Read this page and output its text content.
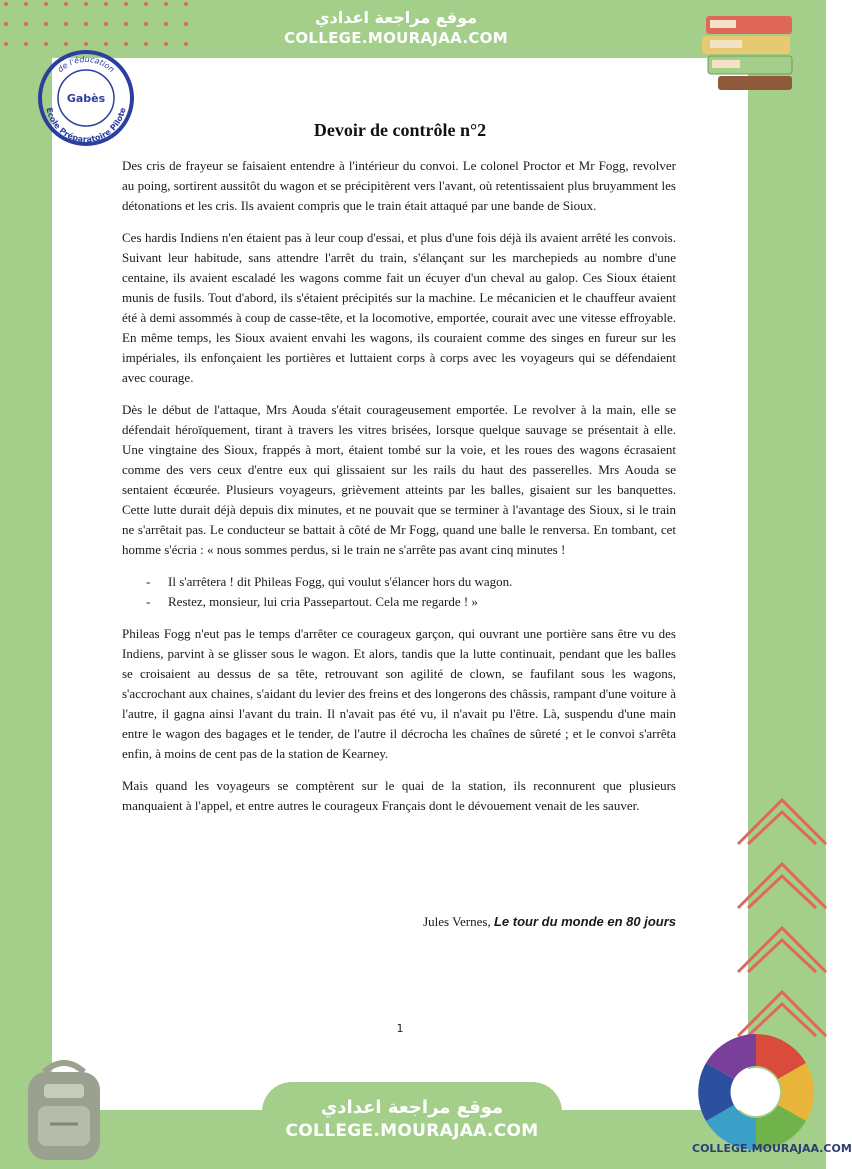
موقع مراجعة اعدادي
COLLEGE.MOURAJAA.COM
de l'éducation
Gabès
Ecole Préparatoire Pilote
Devoir de contrôle n°2

Des cris de frayeur se faisaient entendre à l'intérieur du convoi. Le colonel Proctor et Mr Fogg, revolver au poing, sortirent aussitôt du wagon et se précipitèrent vers l'avant, où retentissaient plus bruyamment les détonations et les cris. Ils avaient compris que le train était attaqué par une bande de Sioux.

Ces hardis Indiens n'en étaient pas à leur coup d'essai, et plus d'une fois déjà ils avaient arrêté les convois. Suivant leur habitude, sans attendre l'arrêt du train, s'élançant sur les marchepieds au nombre d'une centaine, ils avaient escaladé les wagons comme fait un écuyer d'un cheval au galop. Ces Sioux étaient munis de fusils. Tout d'abord, ils s'étaient précipités sur la machine. Le mécanicien et le chauffeur avaient été à demi assommés à coup de casse-tête, et la locomotive, emportée, courait avec une vitesse effroyable. En même temps, les Sioux avaient envahi les wagons, ils couraient comme des singes en fureur sur les impériales, ils enfonçaient les portières et luttaient corps à corps avec les voyageurs qui se défendaient avec courage.

Dès le début de l'attaque, Mrs Aouda s'était courageusement emportée. Le revolver à la main, elle se défendait héroïquement, tirant à travers les vitres brisées, lorsque quelque sauvage se présentait à elle. Une vingtaine des Sioux, frappés à mort, étaient tombé sur la voie, et les roues des wagons écrasaient comme des vers ceux d'entre eux qui glissaient sur les rails du haut des passerelles. Mrs Aouda se sentaient écœurée. Plusieurs voyageurs, grièvement atteints par les balles, gisaient sur les banquettes. Cette lutte durait déjà depuis dix minutes, et ne pouvait que se terminer à l'avantage des Sioux, si le train ne s'arrêtait pas. Le conducteur se battait à côté de Mr Fogg, quand une balle le renversa. En tombant, cet homme s'écria : « nous sommes perdus, si le train ne s'arrête pas avant cinq minutes !

- Il s'arrêtera ! dit Phileas Fogg, qui voulut s'élancer hors du wagon.
- Restez, monsieur, lui cria Passepartout. Cela me regarde ! »

Phileas Fogg n'eut pas le temps d'arrêter ce courageux garçon, qui ouvrant une portière sans être vu des Indiens, parvint à se glisser sous le wagon. Et alors, tandis que la lutte continuait, pendant que les balles se croisaient au dessus de sa tête, retrouvant son agilité de clown, se faufilant sous les wagons, s'accrochant aux chaines, s'aidant du levier des freins et des longerons des châssis, rampant d'une voiture à l'autre, il gagna ainsi l'avant du train. Il n'avait pas été vu, il n'avait pu l'être. Là, suspendu d'une main entre le wagon des bagages et le tender, de l'autre il décrocha les chaînes de sûreté ; et le convoi s'arrêta enfin, à moins de cent pas de la station de Kearney.

Mais quand les voyageurs se comptèrent sur le quai de la station, ils reconnurent que plusieurs manquaient à l'appel, et entre autres le courageux Français dont le dévouement venait de les sauver.

Jules Vernes, Le tour du monde en 80 jours
1
موقع مراجعة اعدادي
COLLEGE.MOURAJAA.COM
COLLEGE.MOURAJAA.COM
